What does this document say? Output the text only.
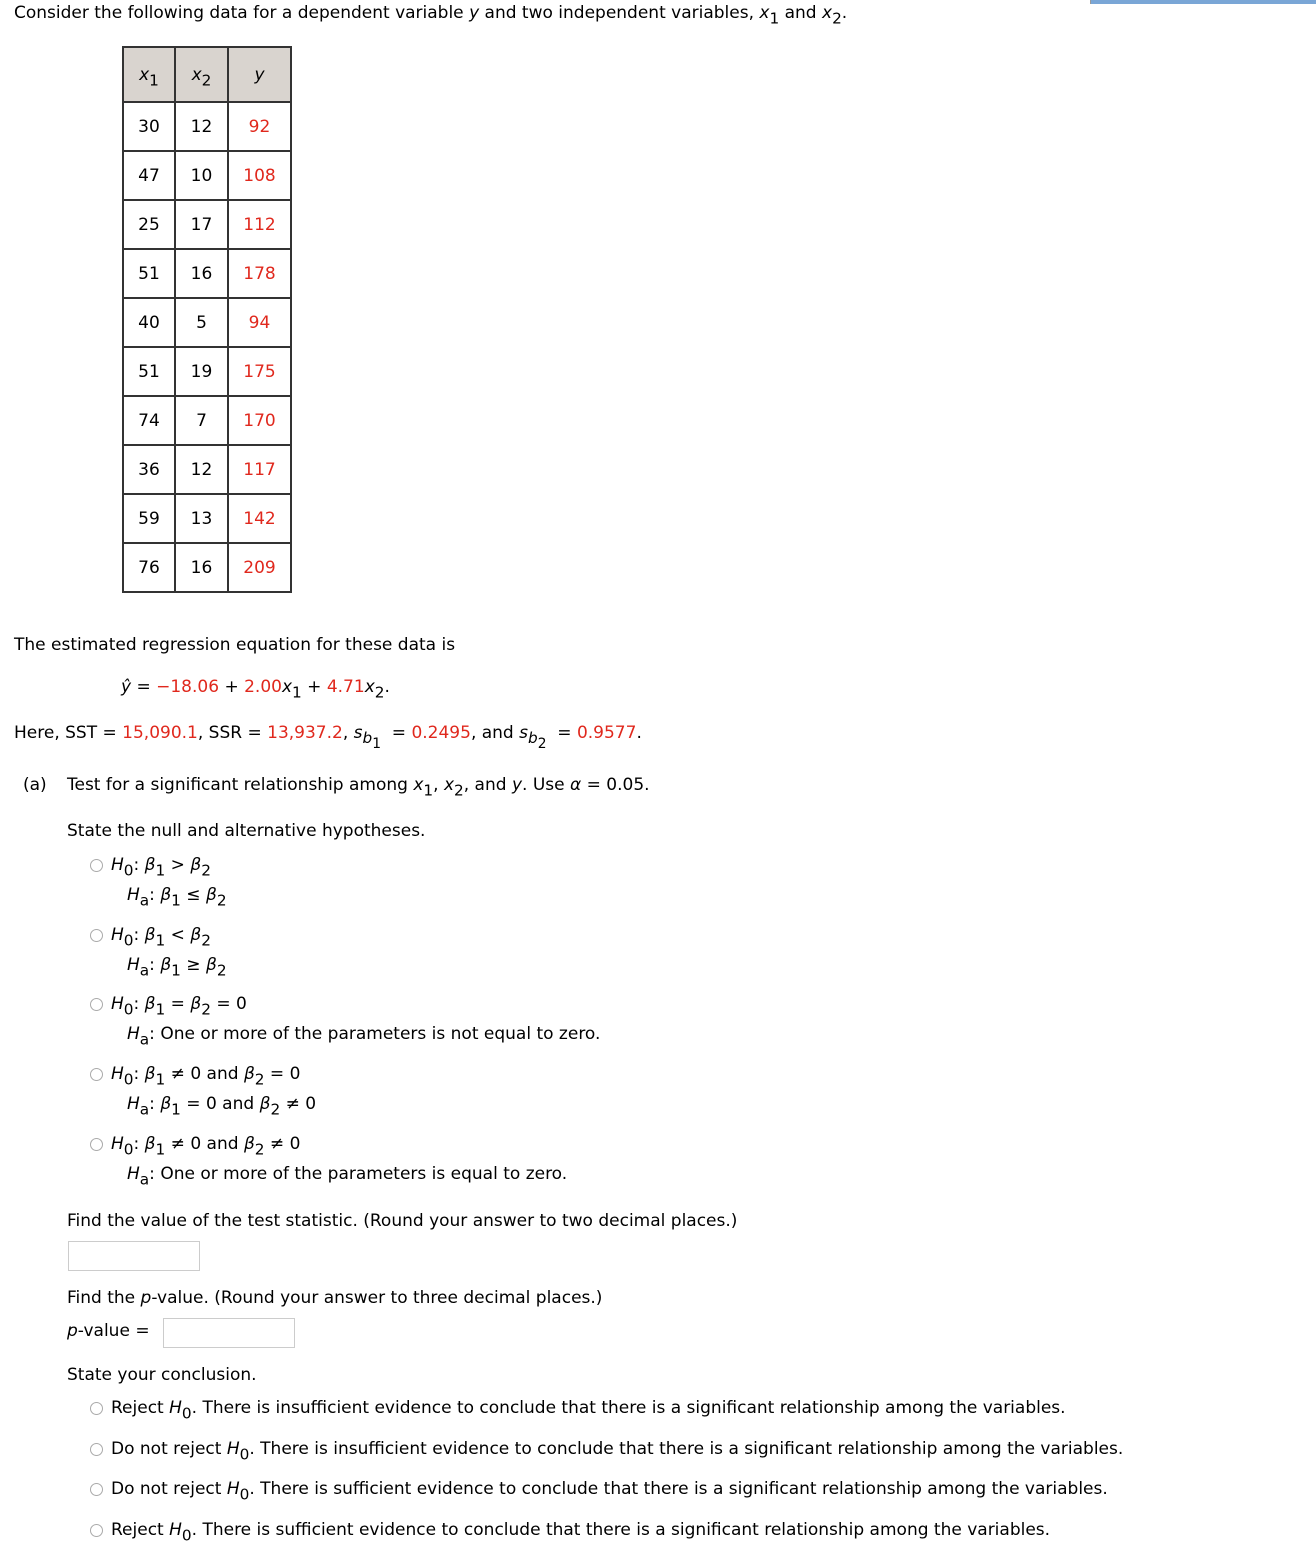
Consider the following data for a dependent variable y and two independent variables, $x_1$ and $x_2$.
$x_1$	$x_2$	y
30	12	92
47	10	108
25	17	112
51	16	178
40	5	94
51	19	175
74	7	170
36	12	117
59	13	142
76	16	209
The estimated regression equation for these data is
ŷ = $-18.06 + 2.00x_1 + 4.71x_2$.
Here, SST = 15,090.1, SSR = 13,937.2, $s_{b_1} = 0.2495$, and $s_{b_2} = 0.9577$.
(a) Test for a significant relationship among $x_1$, $x_2$, and y. Use α = 0.05.
State the null and alternative hypotheses.
$H_0$: $\beta_1 > \beta_2$
$H_a$: $\beta_1 \le \beta_2$
$H_0$: $\beta_1 < \beta_2$
$H_a$: $\beta_1 \ge \beta_2$
$H_0$: $\beta_1 = \beta_2 = 0$
$H_a$: One or more of the parameters is not equal to zero.
$H_0$: $\beta_1 \ne 0$ and $\beta_2 = 0$
$H_a$: $\beta_1 = 0$ and $\beta_2 \ne 0$
$H_0$: $\beta_1 \ne 0$ and $\beta_2 \ne 0$
$H_a$: One or more of the parameters is equal to zero.
Find the value of the test statistic. (Round your answer to two decimal places.)
Find the p-value. (Round your answer to three decimal places.)
p-value =
State your conclusion.
Reject $H_0$. There is insufficient evidence to conclude that there is a significant relationship among the variables.
Do not reject $H_0$. There is insufficient evidence to conclude that there is a significant relationship among the variables.
Do not reject $H_0$. There is sufficient evidence to conclude that there is a significant relationship among the variables.
Reject $H_0$. There is sufficient evidence to conclude that there is a significant relationship among the variables.
